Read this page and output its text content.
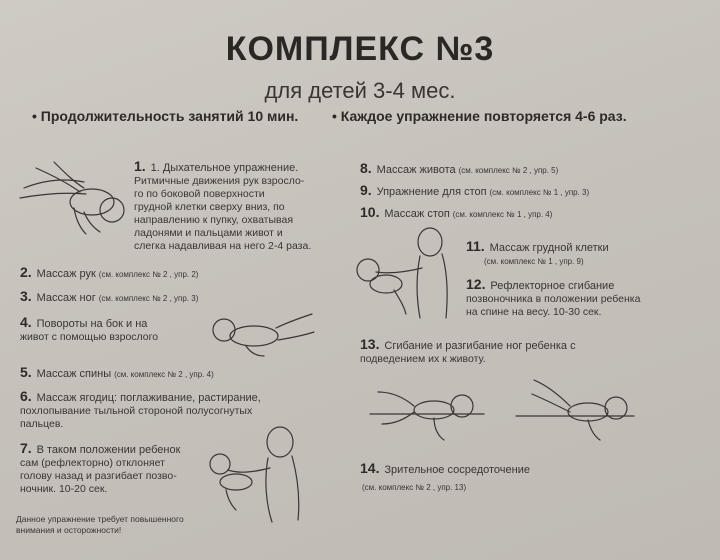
КОМПЛЕКС №3
для детей 3-4 мес.
• Продолжительность занятий 10 мин. • Каждое упражнение повторяется 4-6 раз.
1. 1. Дыхательное упражнение.
Ритмичные движения рук взросло-
го по боковой поверхности
грудной клетки сверху вниз, по
направлению к пупку, охватывая
ладонями и пальцами живот и
слегка надавливая на него 2-4 раза.
2. Массаж рук (см. комплекс № 2 , упр. 2)
3. Массаж ног (см. комплекс № 2 , упр. 3)
4. Повороты на бок и на
живот с помощью взрослого
5. Массаж спины (см. комплекс № 2 , упр. 4)
6. Массаж ягодиц: поглаживание, растирание,
похлопывание тыльной стороной полусогнутых
пальцев.
7. В таком положении ребенок
сам (рефлекторно) отклоняет
голову назад и разгибает позво-
ночник. 10-20 сек.
Данное упражнение требует повышенного
внимания и осторожности!
8. Массаж живота (см. комплекс № 2 , упр. 5)
9. Упражнение для стоп (см. комплекс № 1 , упр. 3)
10. Массаж стоп (см. комплекс № 1 , упр. 4)
11. Массаж грудной клетки
(см. комплекс № 1 , упр. 9)
12. Рефлекторное сгибание
позвоночника в положении ребенка
на спине на весу. 10-30 сек.
13. Сгибание и разгибание ног ребенка с
подведением их к животу.
14. Зрительное сосредоточение
(см. комплекс № 2 , упр. 13)
